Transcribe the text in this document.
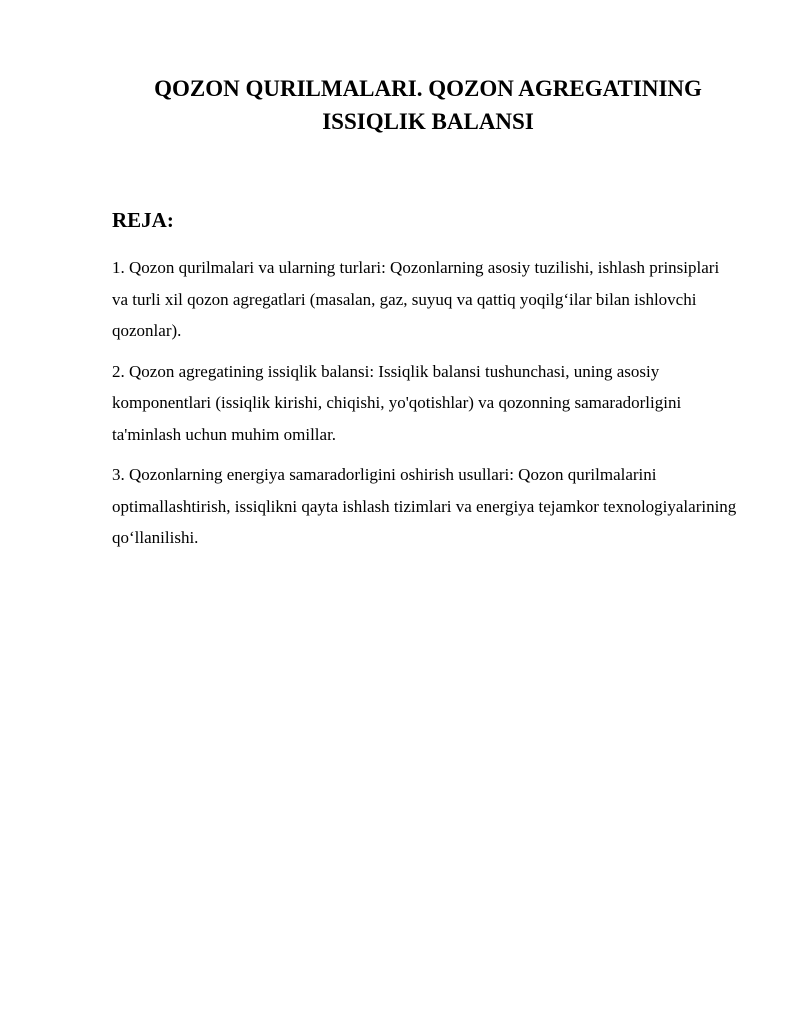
QOZON QURILMALARI. QOZON AGREGATINING
ISSIQLIK BALANSI
REJA:
1. Qozon qurilmalari va ularning turlari: Qozonlarning asosiy tuzilishi, ishlash prinsiplari va turli xil qozon agregatlari (masalan, gaz, suyuq va qattiq yoqilg‘ilar bilan ishlovchi qozonlar).
2. Qozon agregatining issiqlik balansi: Issiqlik balansi tushunchasi, uning asosiy komponentlari (issiqlik kirishi, chiqishi, yo'qotishlar) va qozonning samaradorligini ta'minlash uchun muhim omillar.
3. Qozonlarning energiya samaradorligini oshirish usullari: Qozon qurilmalarini optimallashtirish, issiqlikni qayta ishlash tizimlari va energiya tejamkor texnologiyalarining qo‘llanilishi.
